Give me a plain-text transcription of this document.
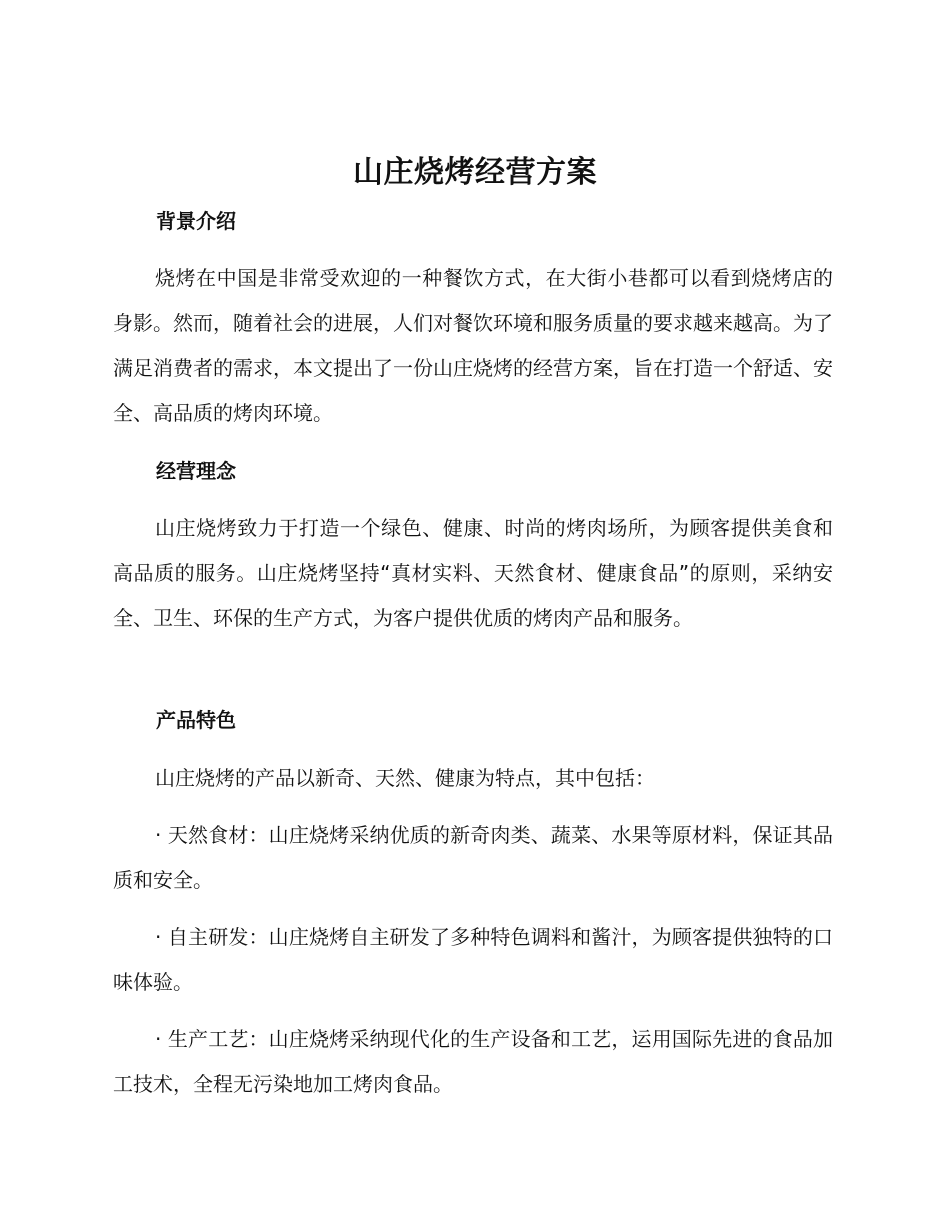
山庄烧烤经营方案
背景介绍
烧烤在中国是非常受欢迎的一种餐饮方式，在大街小巷都可以看到烧烤店的身影。然而，随着社会的进展，人们对餐饮环境和服务质量的要求越来越高。为了满足消费者的需求，本文提出了一份山庄烧烤的经营方案，旨在打造一个舒适、安全、高品质的烤肉环境。
经营理念
山庄烧烤致力于打造一个绿色、健康、时尚的烤肉场所，为顾客提供美食和高品质的服务。山庄烧烤坚持“真材实料、天然食材、健康食品”的原则，采纳安全、卫生、环保的生产方式，为客户提供优质的烤肉产品和服务。
产品特色
山庄烧烤的产品以新奇、天然、健康为特点，其中包括：
· 天然食材：山庄烧烤采纳优质的新奇肉类、蔬菜、水果等原材料，保证其品质和安全。
· 自主研发：山庄烧烤自主研发了多种特色调料和酱汁，为顾客提供独特的口味体验。
· 生产工艺：山庄烧烤采纳现代化的生产设备和工艺，运用国际先进的食品加工技术，全程无污染地加工烤肉食品。
